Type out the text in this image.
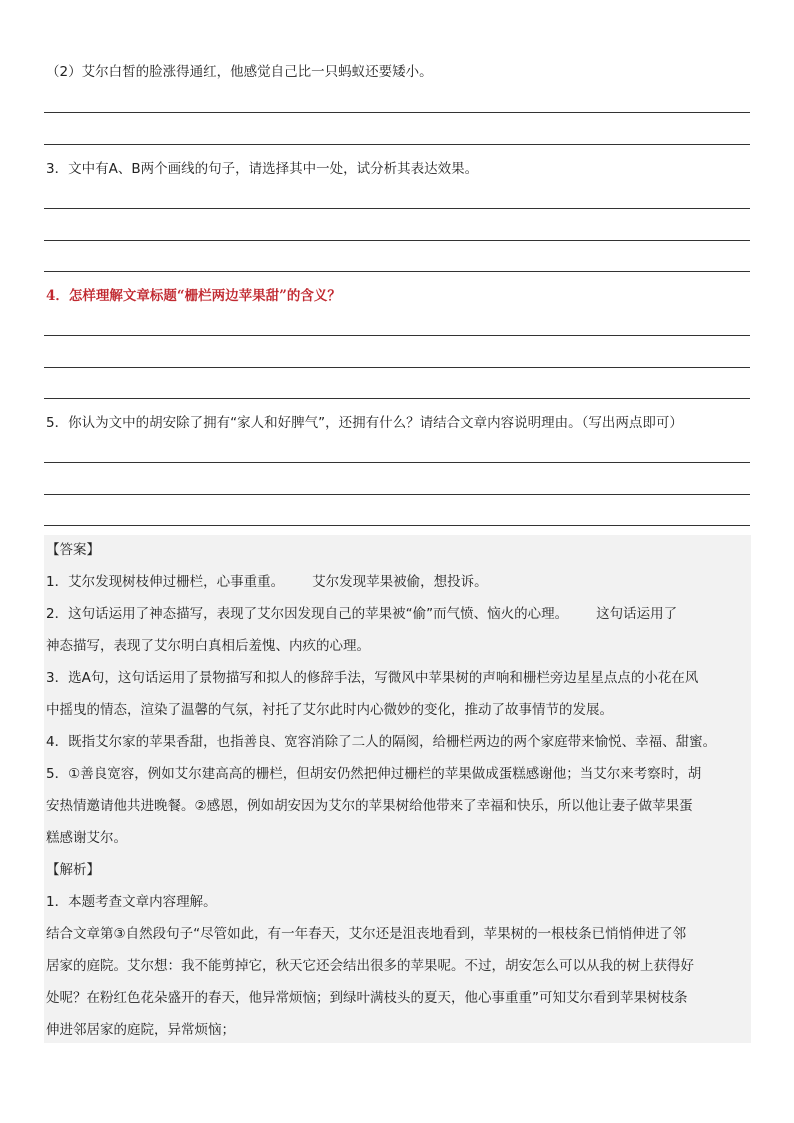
（2）艾尔白皙的脸涨得通红，他感觉自己比一只蚂蚁还要矮小。
3．文中有A、B两个画线的句子，请选择其中一处，试分析其表达效果。
4．怎样理解文章标题“栅栏两边苹果甜”的含义？
5．你认为文中的胡安除了拥有“家人和好脾气”，还拥有什么？请结合文章内容说明理由。（写出两点即可）
【答案】
1．艾尔发现树枝伸过栅栏，心事重重。 艾尔发现苹果被偷，想投诉。
2．这句话运用了神态描写，表现了艾尔因发现自己的苹果被“偷”而气愤、恼火的心理。 这句话运用了
神态描写，表现了艾尔明白真相后羞愧、内疚的心理。
3．选A句，这句话运用了景物描写和拟人的修辞手法，写微风中苹果树的声响和栅栏旁边星星点点的小花在风
中摇曳的情态，渲染了温馨的气氛，衬托了艾尔此时内心微妙的变化，推动了故事情节的发展。
4．既指艾尔家的苹果香甜，也指善良、宽容消除了二人的隔阂，给栅栏两边的两个家庭带来愉悦、幸福、甜蜜。
5．①善良宽容，例如艾尔建高高的栅栏，但胡安仍然把伸过栅栏的苹果做成蛋糕感谢他；当艾尔来考察时，胡
安热情邀请他共进晚餐。②感恩，例如胡安因为艾尔的苹果树给他带来了幸福和快乐，所以他让妻子做苹果蛋
糕感谢艾尔。
【解析】
1．本题考查文章内容理解。
结合文章第③自然段句子“尽管如此，有一年春天，艾尔还是沮丧地看到，苹果树的一根枝条已悄悄伸进了邻
居家的庭院。艾尔想：我不能剪掉它，秋天它还会结出很多的苹果呢。不过，胡安怎么可以从我的树上获得好
处呢？在粉红色花朵盛开的春天，他异常烦恼；到绿叶满枝头的夏天，他心事重重”可知艾尔看到苹果树枝条
伸进邻居家的庭院，异常烦恼；
